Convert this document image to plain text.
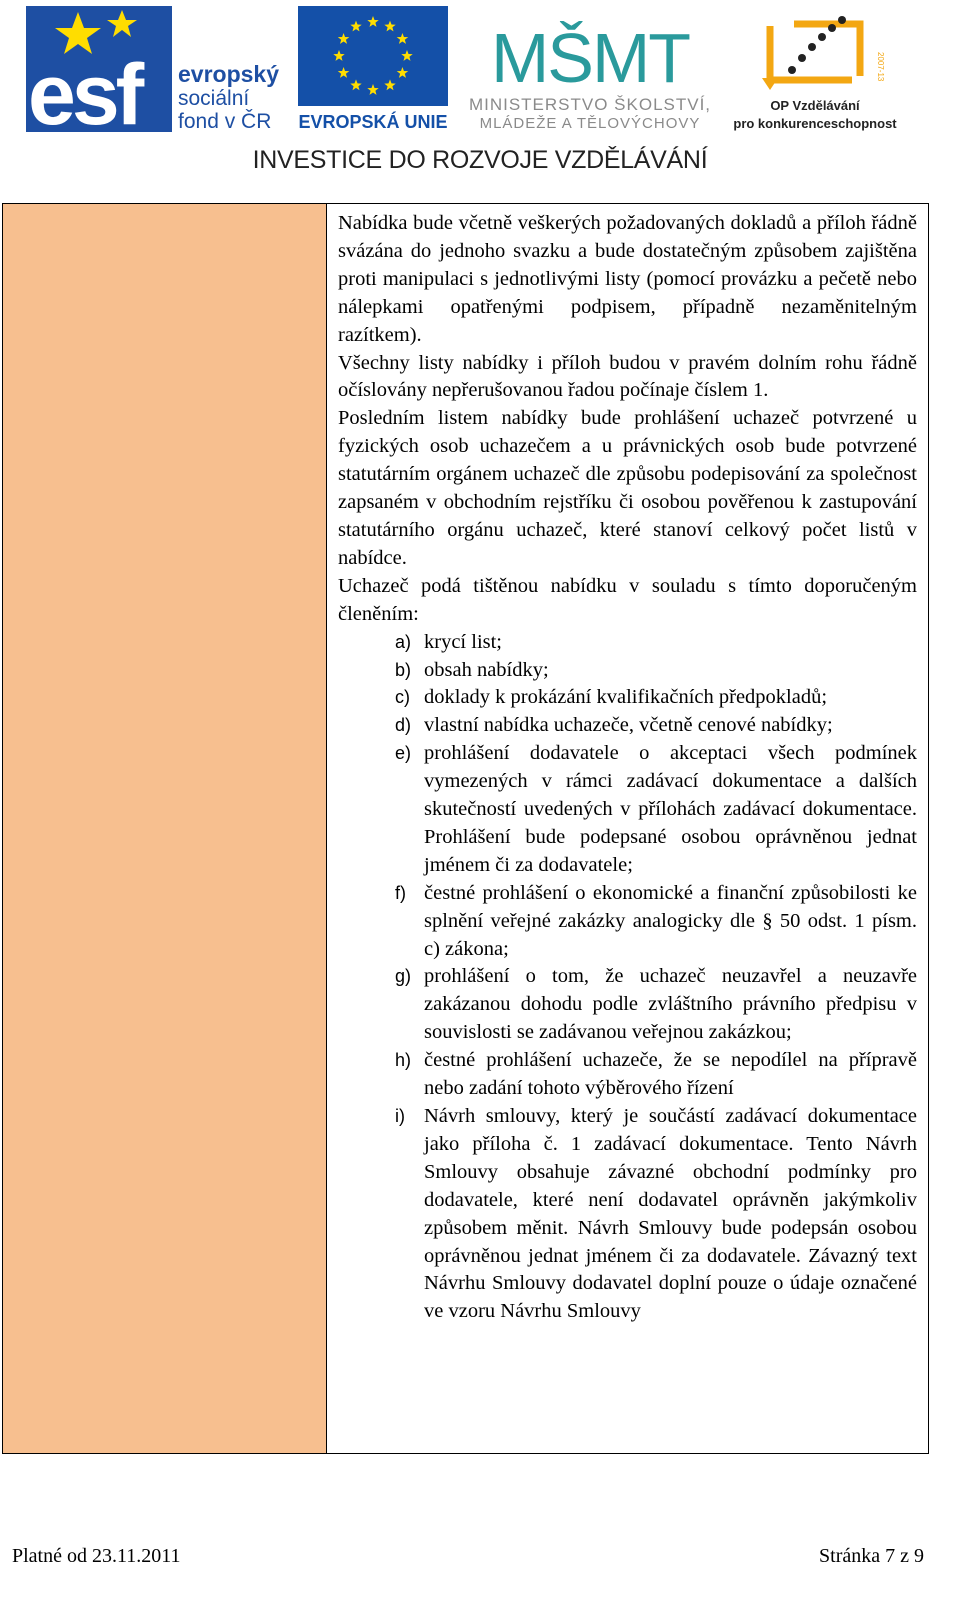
esf evropský
sociální
fond v ČR EVROPSKÁ UNIE
MŠMT
MINISTERSTVO ŠKOLSTVÍ,
MLÁDEŽE A TĚLOVÝCHOVY
2007-13
OP Vzdělávání
pro konkurenceschopnost
INVESTICE DO ROZVOJE VZDĚLÁVÁNÍ

Nabídka bude včetně veškerých požadovaných dokladů a příloh řádně svázána do jednoho svazku a bude dostatečným způsobem zajištěna proti manipulaci s jednotlivými listy (pomocí provázku a pečetě nebo nálepkami opatřenými podpisem, případně nezaměnitelným razítkem).

Všechny listy nabídky i příloh budou v pravém dolním rohu řádně očíslovány nepřerušovanou řadou počínaje číslem 1.

Posledním listem nabídky bude prohlášení uchazeč potvrzené u fyzických osob uchazečem a u právnických osob bude potvrzené statutárním orgánem uchazeč dle způsobu podepisování za společnost zapsaném v obchodním rejstříku či osobou pověřenou k zastupování statutárního orgánu uchazeč, které stanoví celkový počet listů v nabídce.

Uchazeč podá tištěnou nabídku v souladu s tímto doporučeným členěním:

a) krycí list;
b) obsah nabídky;
c) doklady k prokázání kvalifikačních předpokladů;
d) vlastní nabídka uchazeče, včetně cenové nabídky;
e) prohlášení dodavatele o akceptaci všech podmínek vymezených v rámci zadávací dokumentace a dalších skutečností uvedených v přílohách zadávací dokumentace. Prohlášení bude podepsané osobou oprávněnou jednat jménem či za dodavatele;
f) čestné prohlášení o ekonomické a finanční způsobilosti ke splnění veřejné zakázky analogicky dle § 50 odst. 1 písm. c) zákona;
g) prohlášení o tom, že uchazeč neuzavřel a neuzavře zakázanou dohodu podle zvláštního právního předpisu v souvislosti se zadávanou veřejnou zakázkou;
h) čestné prohlášení uchazeče, že se nepodílel na přípravě nebo zadání tohoto výběrového řízení
i) Návrh smlouvy, který je součástí zadávací dokumentace jako příloha č. 1 zadávací dokumentace. Tento Návrh Smlouvy obsahuje závazné obchodní podmínky pro dodavatele, které není dodavatel oprávněn jakýmkoliv způsobem měnit. Návrh Smlouvy bude podepsán osobou oprávněnou jednat jménem či za dodavatele. Závazný text Návrhu Smlouvy dodavatel doplní pouze o údaje označené ve vzoru Návrhu Smlouvy
Platné od 23.11.2011	Stránka 7 z 9
